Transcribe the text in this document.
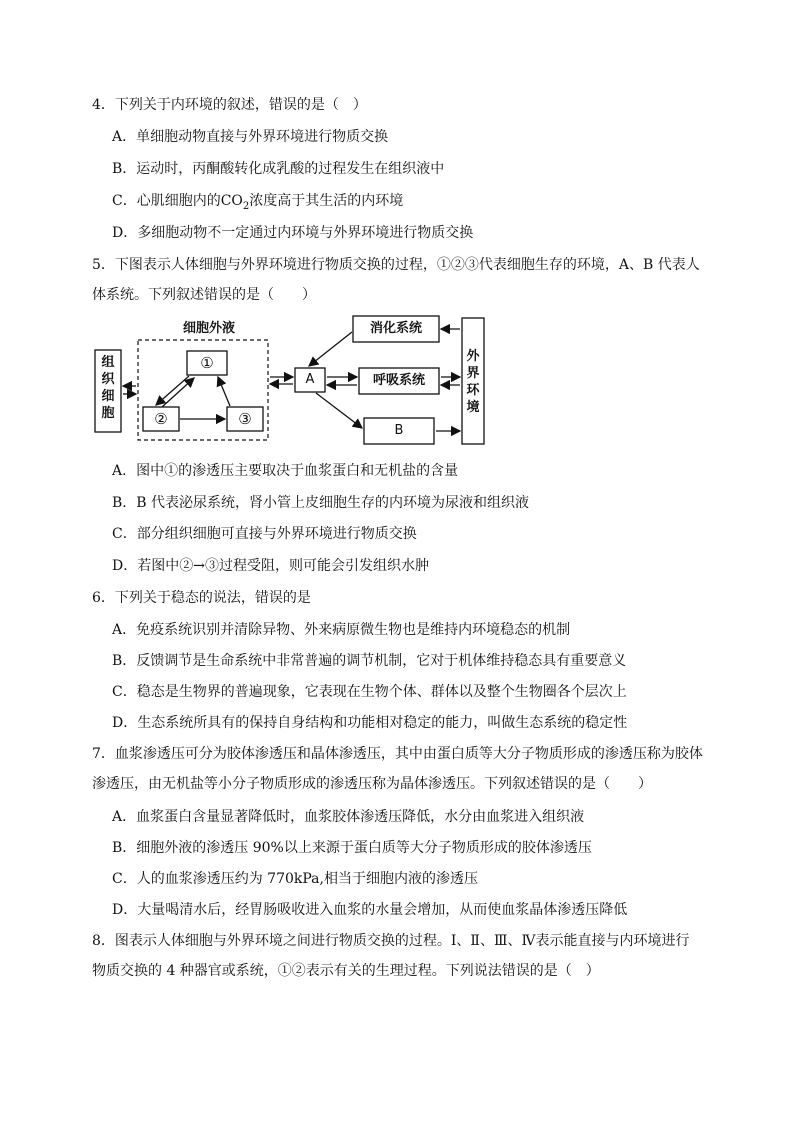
4．下列关于内环境的叙述，错误的是（　）
A．单细胞动物直接与外界环境进行物质交换
B．运动时，丙酮酸转化成乳酸的过程发生在组织液中
C．心肌细胞内的$CO_2$浓度高于其生活的内环境
D．多细胞动物不一定通过内环境与外界环境进行物质交换
5．下图表示人体细胞与外界环境进行物质交换的过程，①②③代表细胞生存的环境，A、B 代表人
体系统。下列叙述错误的是（　　）
细胞外液
组
织
细
胞
①
②	③
A
消化系统
呼吸系统
B
外
界
环
境
A．图中①的渗透压主要取决于血浆蛋白和无机盐的含量
B．B 代表泌尿系统，肾小管上皮细胞生存的内环境为尿液和组织液
C．部分组织细胞可直接与外界环境进行物质交换
D．若图中②→③过程受阻，则可能会引发组织水肿
6．下列关于稳态的说法，错误的是
A．免疫系统识别并清除异物、外来病原微生物也是维持内环境稳态的机制
B．反馈调节是生命系统中非常普遍的调节机制，它对于机体维持稳态具有重要意义
C．稳态是生物界的普遍现象，它表现在生物个体、群体以及整个生物圈各个层次上
D．生态系统所具有的保持自身结构和功能相对稳定的能力，叫做生态系统的稳定性
7．血浆渗透压可分为胶体渗透压和晶体渗透压，其中由蛋白质等大分子物质形成的渗透压称为胶体
渗透压，由无机盐等小分子物质形成的渗透压称为晶体渗透压。下列叙述错误的是（　　）
A．血浆蛋白含量显著降低时，血浆胶体渗透压降低，水分由血浆进入组织液
B．细胞外液的渗透压 90%以上来源于蛋白质等大分子物质形成的胶体渗透压
C．人的血浆渗透压约为 770kPa,相当于细胞内液的渗透压
D．大量喝清水后，经胃肠吸收进入血浆的水量会增加，从而使血浆晶体渗透压降低
8．图表示人体细胞与外界环境之间进行物质交换的过程。Ⅰ、Ⅱ、Ⅲ、Ⅳ表示能直接与内环境进行
物质交换的 4 种器官或系统，①②表示有关的生理过程。下列说法错误的是（　）
